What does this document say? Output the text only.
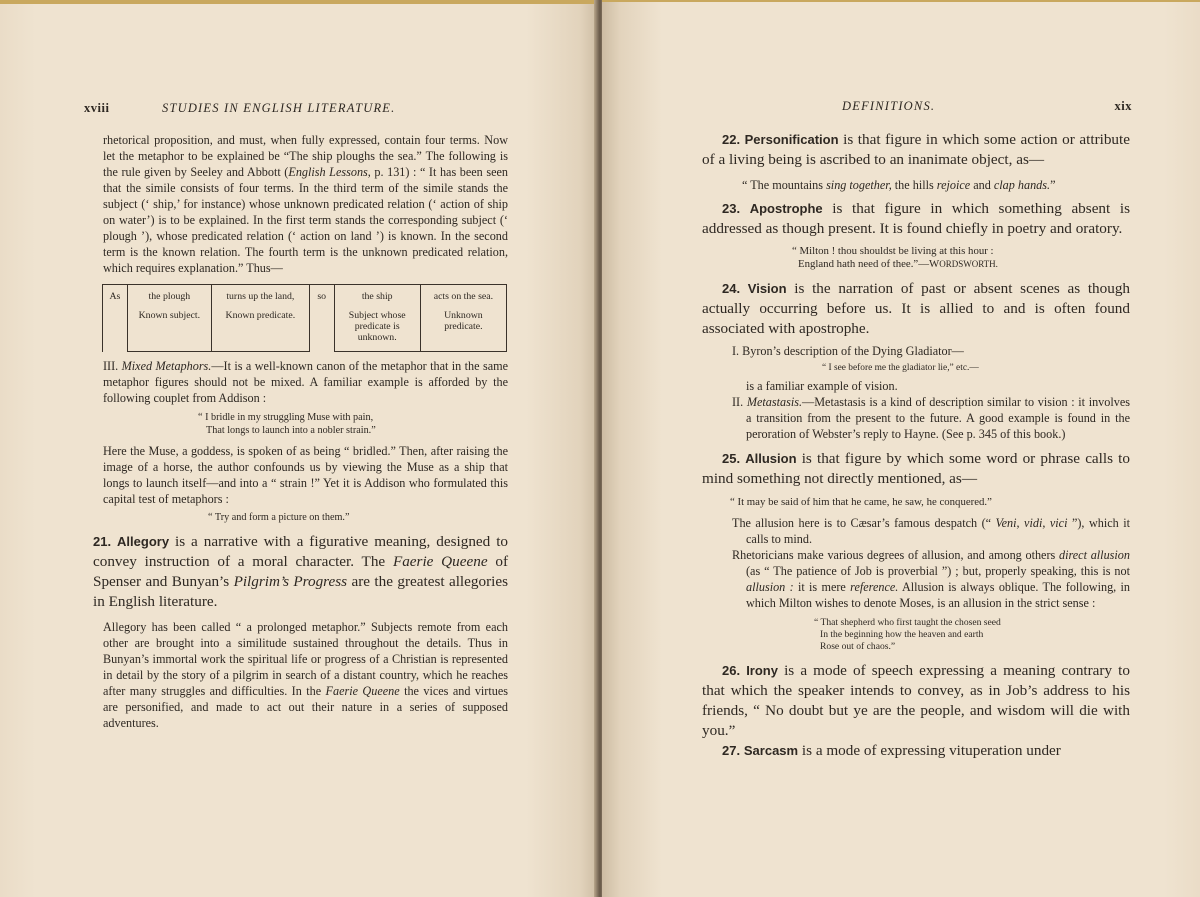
xviii	STUDIES IN ENGLISH LITERATURE.

rhetorical proposition, and must, when fully expressed, contain four terms. Now let the metaphor to be explained be “The ship ploughs the sea.” The following is the rule given by Seeley and Abbott (English Lessons, p. 131) : “ It has been seen that the simile consists of four terms. In the third term of the simile stands the subject (‘ ship,’ for instance) whose unknown predicated relation (‘ action of ship on water’) is to be explained. In the first term stands the corresponding subject (‘ plough ’), whose predicated relation (‘ action on land ’) is known. In the second term is the known relation. The fourth term is the unknown predicated relation, which requires explanation.” Thus—

As	the plough	turns up the land,	so	the ship	acts on the sea.
	Known subject.	Known predicate.		Subject whose predicate is unknown.	Unknown predicate.

III. Mixed Metaphors.—It is a well-known canon of the metaphor that in the same metaphor figures should not be mixed. A familiar example is afforded by the following couplet from Addison :

“ I bridle in my struggling Muse with pain,

That longs to launch into a nobler strain.”

Here the Muse, a goddess, is spoken of as being “ bridled.” Then, after raising the image of a horse, the author confounds us by viewing the Muse as a ship that longs to launch itself—and into a “ strain !” Yet it is Addison who formulated this capital test of metaphors :

“ Try and form a picture on them.”

21. Allegory is a narrative with a figurative meaning, designed to convey instruction of a moral character. The Faerie Queene of Spenser and Bunyan’s Pilgrim’s Progress are the greatest allegories in English literature.

Allegory has been called “ a prolonged metaphor.” Subjects remote from each other are brought into a similitude sustained throughout the details. Thus in Bunyan’s immortal work the spiritual life or progress of a Christian is represented in detail by the story of a pilgrim in search of a distant country, which he reaches after many struggles and difficulties. In the Faerie Queene the vices and virtues are personified, and made to act out their nature in a series of supposed adventures.

DEFINITIONS.	xix

22. Personification is that figure in which some action or attribute of a living being is ascribed to an inanimate object, as—

“ The mountains sing together, the hills rejoice and clap hands.”

23. Apostrophe is that figure in which something absent is addressed as though present. It is found chiefly in poetry and oratory.

“ Milton ! thou shouldst be living at this hour :

England hath need of thee.”—WORDSWORTH.

24. Vision is the narration of past or absent scenes as though actually occurring before us. It is allied to and is often found associated with apostrophe.

I. Byron’s description of the Dying Gladiator—

“ I see before me the gladiator lie,” etc.—

is a familiar example of vision.

II. Metastasis.—Metastasis is a kind of description similar to vision : it involves a transition from the present to the future. A good example is found in the peroration of Webster’s reply to Hayne. (See p. 345 of this book.)

25. Allusion is that figure by which some word or phrase calls to mind something not directly mentioned, as—

“ It may be said of him that he came, he saw, he conquered.”

The allusion here is to Cæsar’s famous despatch (“ Veni, vidi, vici ”), which it calls to mind.

Rhetoricians make various degrees of allusion, and among others direct allusion (as “ The patience of Job is proverbial ”) ; but, properly speaking, this is not allusion : it is mere reference. Allusion is always oblique. The following, in which Milton wishes to denote Moses, is an allusion in the strict sense :

“ That shepherd who first taught the chosen seed

In the beginning how the heaven and earth

Rose out of chaos.”

26. Irony is a mode of speech expressing a meaning contrary to that which the speaker intends to convey, as in Job’s address to his friends, “ No doubt but ye are the people, and wisdom will die with you.”

27. Sarcasm is a mode of expressing vituperation under
